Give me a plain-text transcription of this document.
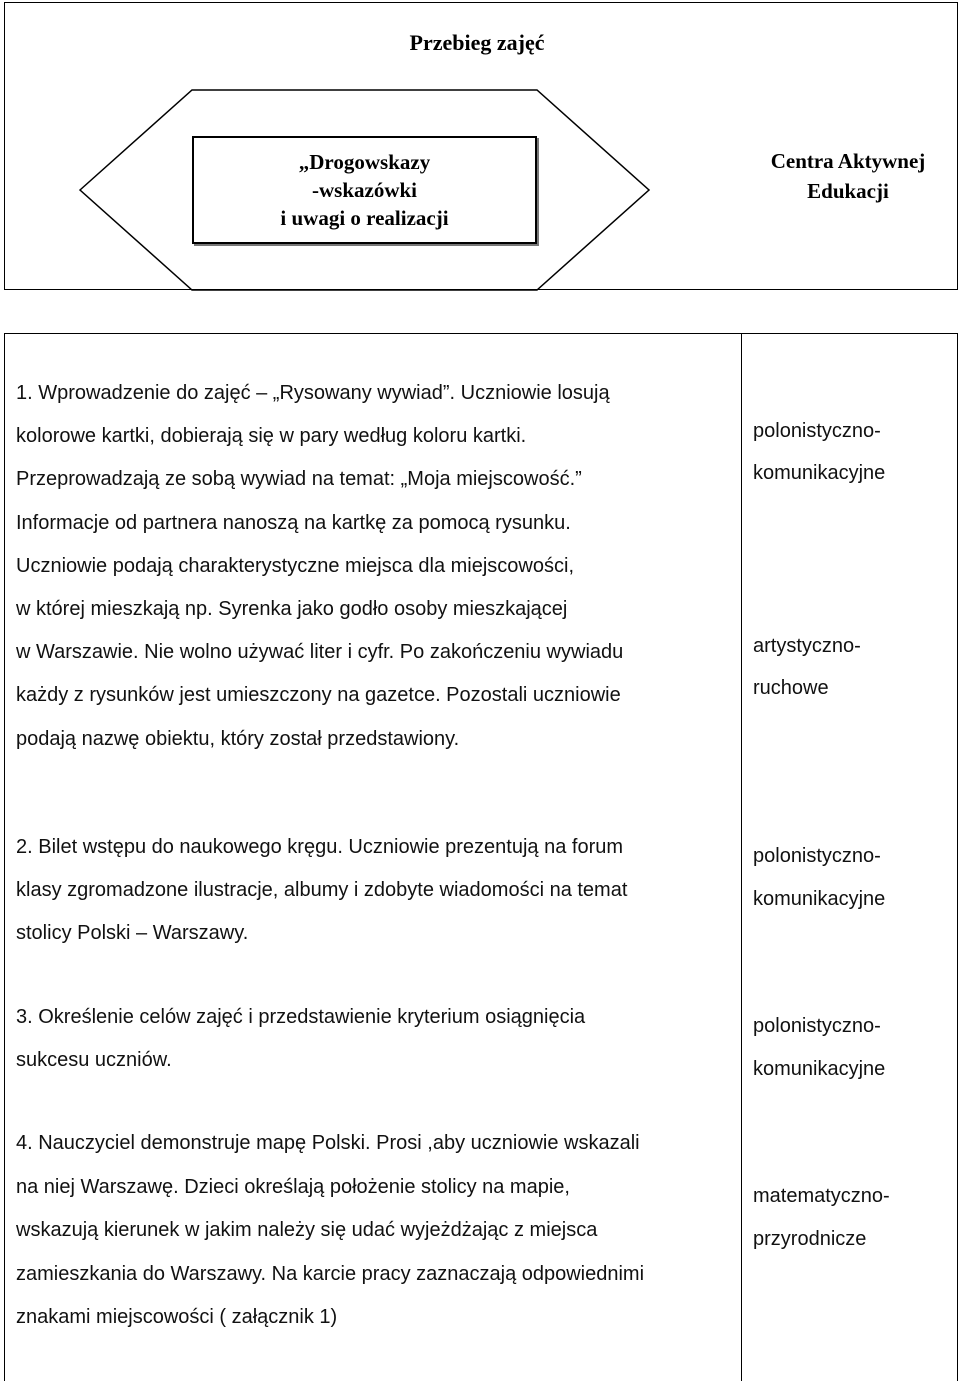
Przebieg zajęć
„Drogowskazy
-wskazówki
i uwagi o realizacji
Centra Aktywnej
Edukacji
1. Wprowadzenie do zajęć – „Rysowany wywiad”. Uczniowie losują
kolorowe kartki, dobierają się w pary według koloru kartki.
Przeprowadzają ze sobą wywiad na temat: „Moja miejscowość.”
Informacje od partnera nanoszą na kartkę za pomocą rysunku.
Uczniowie podają charakterystyczne miejsca dla miejscowości,
w której mieszkają np. Syrenka jako godło osoby mieszkającej
w Warszawie. Nie wolno używać liter i cyfr. Po zakończeniu wywiadu
każdy z rysunków jest umieszczony na gazetce. Pozostali uczniowie
podają nazwę obiektu, który został przedstawiony.
polonistyczno-
komunikacyjne
artystyczno-
ruchowe
2. Bilet wstępu do naukowego kręgu. Uczniowie prezentują na forum
klasy zgromadzone ilustracje, albumy i zdobyte wiadomości na temat
stolicy Polski – Warszawy.
polonistyczno-
komunikacyjne
3. Określenie celów zajęć i przedstawienie kryterium osiągnięcia
sukcesu uczniów.
polonistyczno-
komunikacyjne
4. Nauczyciel demonstruje mapę Polski. Prosi ,aby uczniowie wskazali
na niej Warszawę. Dzieci określają położenie stolicy na mapie,
wskazują kierunek w jakim należy się udać wyjeżdżając z miejsca
zamieszkania do Warszawy. Na karcie pracy zaznaczają odpowiednimi
znakami miejscowości ( załącznik 1)
matematyczno-
przyrodnicze
